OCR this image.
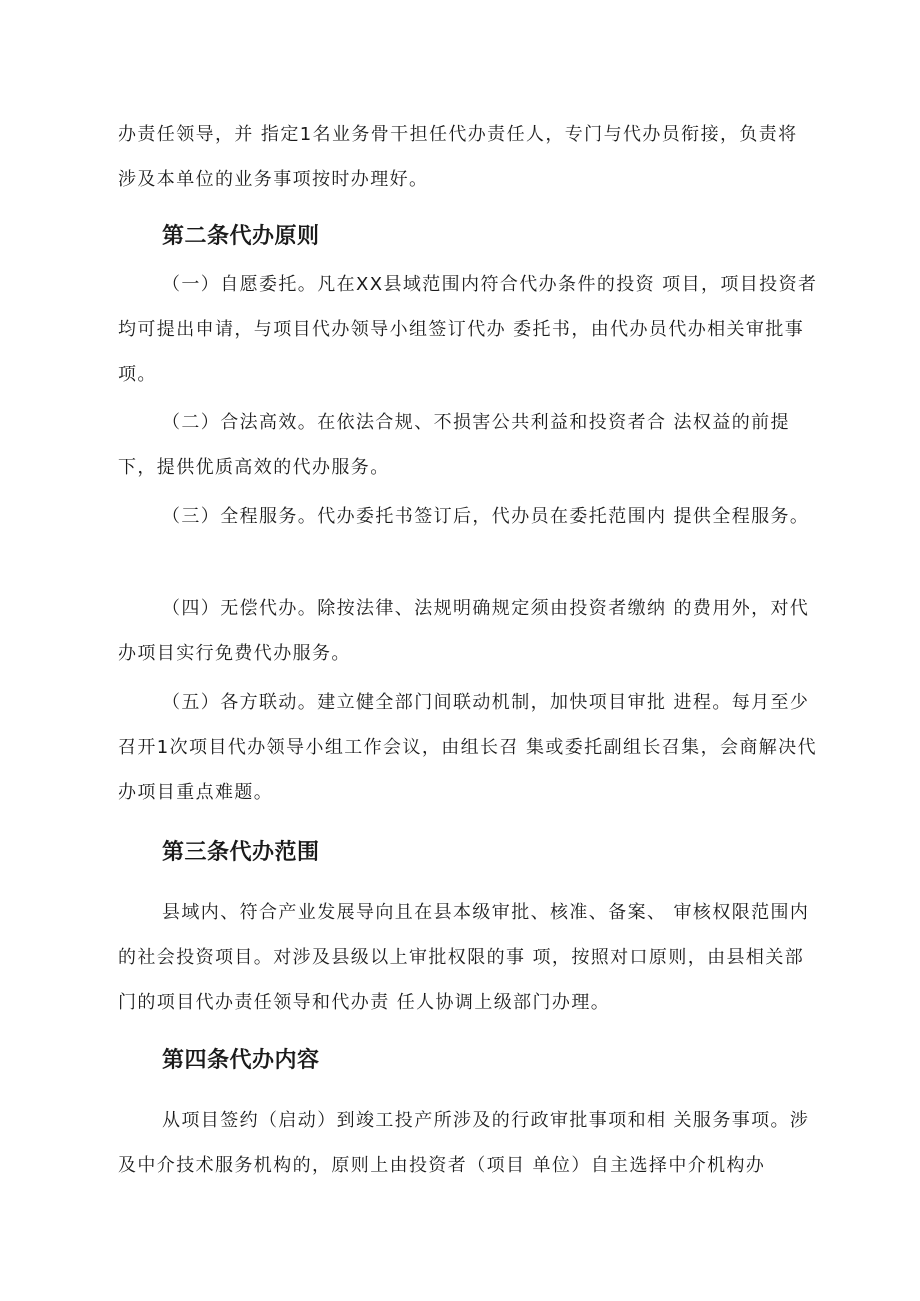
办责任领导，并 指定1名业务骨干担任代办责任人，专门与代办员衔接，负责将 涉及本单位的业务事项按时办理好。

第二条代办原则

（一）自愿委托。凡在XX县域范围内符合代办条件的投资 项目，项目投资者均可提出申请，与项目代办领导小组签订代办 委托书，由代办员代办相关审批事项。

（二）合法高效。在依法合规、不损害公共利益和投资者合 法权益的前提下，提供优质高效的代办服务。

（三）全程服务。代办委托书签订后，代办员在委托范围内 提供全程服务。

（四）无偿代办。除按法律、法规明确规定须由投资者缴纳 的费用外，对代办项目实行免费代办服务。

（五）各方联动。建立健全部门间联动机制，加快项目审批 进程。每月至少召开1次项目代办领导小组工作会议，由组长召 集或委托副组长召集，会商解决代办项目重点难题。

第三条代办范围

县域内、符合产业发展导向且在县本级审批、核准、备案、 审核权限范围内的社会投资项目。对涉及县级以上审批权限的事 项，按照对口原则，由县相关部门的项目代办责任领导和代办责 任人协调上级部门办理。

第四条代办内容

从项目签约（启动）到竣工投产所涉及的行政审批事项和相 关服务事项。涉及中介技术服务机构的，原则上由投资者（项目 单位）自主选择中介机构办
